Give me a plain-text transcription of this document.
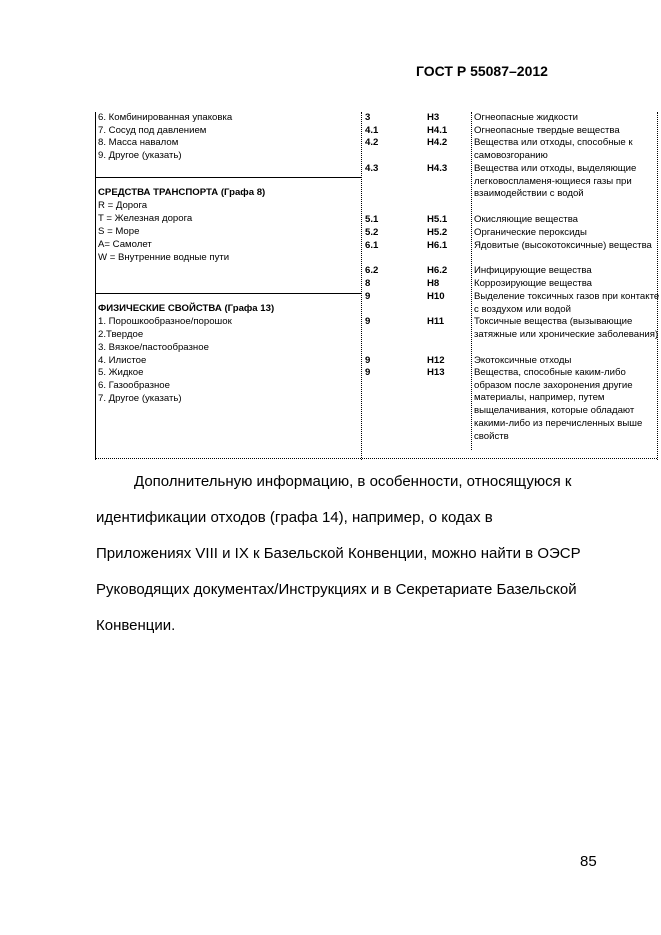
ГОСТ Р 55087–2012
6. Комбинированная упаковка
7. Сосуд под давлением
8. Масса навалом
9. Другое (указать)
СРЕДСТВА ТРАНСПОРТА (Графа 8)
R = Дорога
T = Железная дорога
S = Море
A= Самолет
W = Внутренние водные пути
ФИЗИЧЕСКИЕ СВОЙСТВА (Графа 13)
1. Порошкообразное/порошок
2.Твердое
3. Вязкое/пастообразное
4. Илистое
5. Жидкое
6. Газообразное
7. Другое (указать)
3	H3	Огнеопасные жидкости
4.1	H4.1	Огнеопасные твердые вещества
4.2	H4.2	Вещества или отходы, способные к самовозгоранию
4.3	H4.3	Вещества или отходы, выделяющие легковоспламеня-ющиеся газы при взаимодействии с водой
5.1	H5.1	Окисляющие вещества
5.2	H5.2	Органические пероксиды
6.1	H6.1	Ядовитые (высокотоксичные) вещества
6.2	H6.2	Инфицирующие вещества
8	H8	Коррозирующие вещества
9	H10	Выделение токсичных газов при контакте с воздухом или водой
9	H11	Токсичные вещества (вызывающие затяжные или хронические заболевания)
9	H12	Экотоксичные отходы
9	H13	Вещества, способные каким-либо образом после захоронения другие материалы, например, путем выщелачивания, которые обладают какими-либо из перечисленных выше свойств
Дополнительную информацию, в особенности, относящуюся к
идентификации отходов (графа 14), например, о кодах в
Приложениях VIII и IX к Базельской Конвенции, можно найти в ОЭСР
Руководящих документах/Инструкциях и в Секретариате Базельской
Конвенции.
85
